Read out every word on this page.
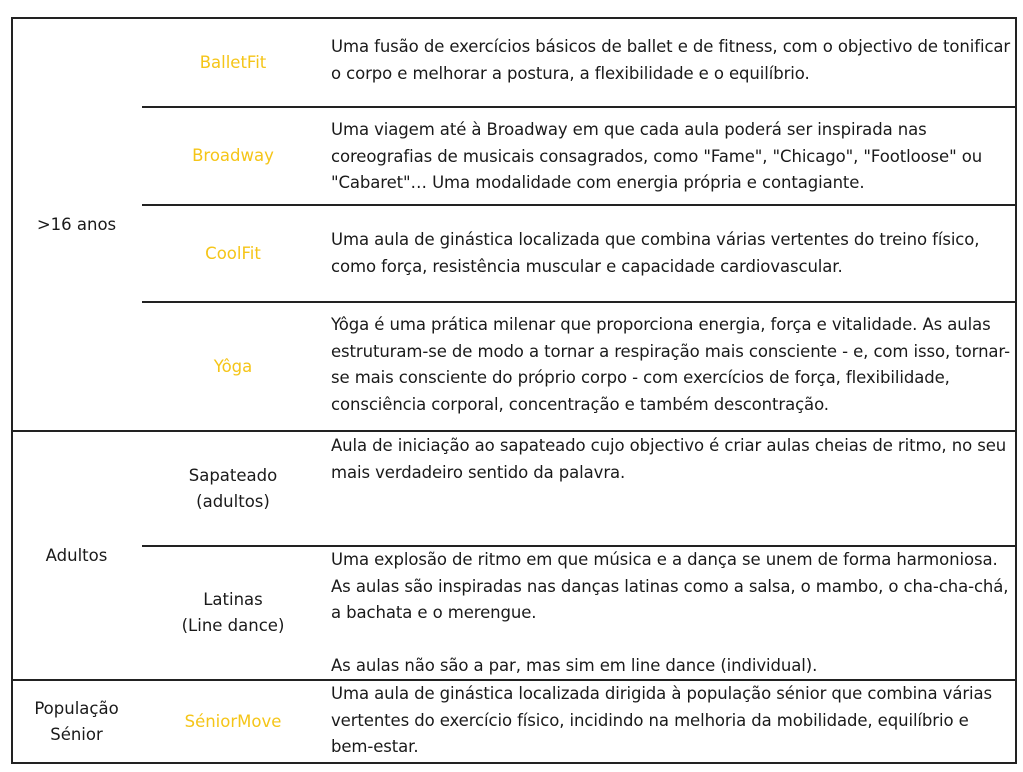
>16 anos
BalletFit

Uma fusão de exercícios básicos de ballet e de fitness, com o objectivo de tonificar o corpo e melhorar a postura, a flexibilidade e o equilíbrio.

Broadway

Uma viagem até à Broadway em que cada aula poderá ser inspirada nas coreografias de musicais consagrados, como "Fame", "Chicago", "Footloose" ou "Cabaret"… Uma modalidade com energia própria e contagiante.

CoolFit

Uma aula de ginástica localizada que combina várias vertentes do treino físico, como força, resistência muscular e capacidade cardiovascular.

Yôga

Yôga é uma prática milenar que proporciona energia, força e vitalidade. As aulas estruturam-se de modo a tornar a respiração mais consciente - e, com isso, tornar-se mais consciente do próprio corpo - com exercícios de força, flexibilidade, consciência corporal, concentração e também descontração.

Adultos
Sapateado
(adultos)

Aula de iniciação ao sapateado cujo objectivo é criar aulas cheias de ritmo, no seu mais verdadeiro sentido da palavra.

Latinas
(Line dance)

Uma explosão de ritmo em que música e a dança se unem de forma harmoniosa. As aulas são inspiradas nas danças latinas como a salsa, o mambo, o cha-cha-chá, a bachata e o merengue.

As aulas não são a par, mas sim em line dance (individual).

População Sénior
SéniorMove

Uma aula de ginástica localizada dirigida à população sénior que combina várias vertentes do exercício físico, incidindo na melhoria da mobilidade, equilíbrio e bem-estar.
